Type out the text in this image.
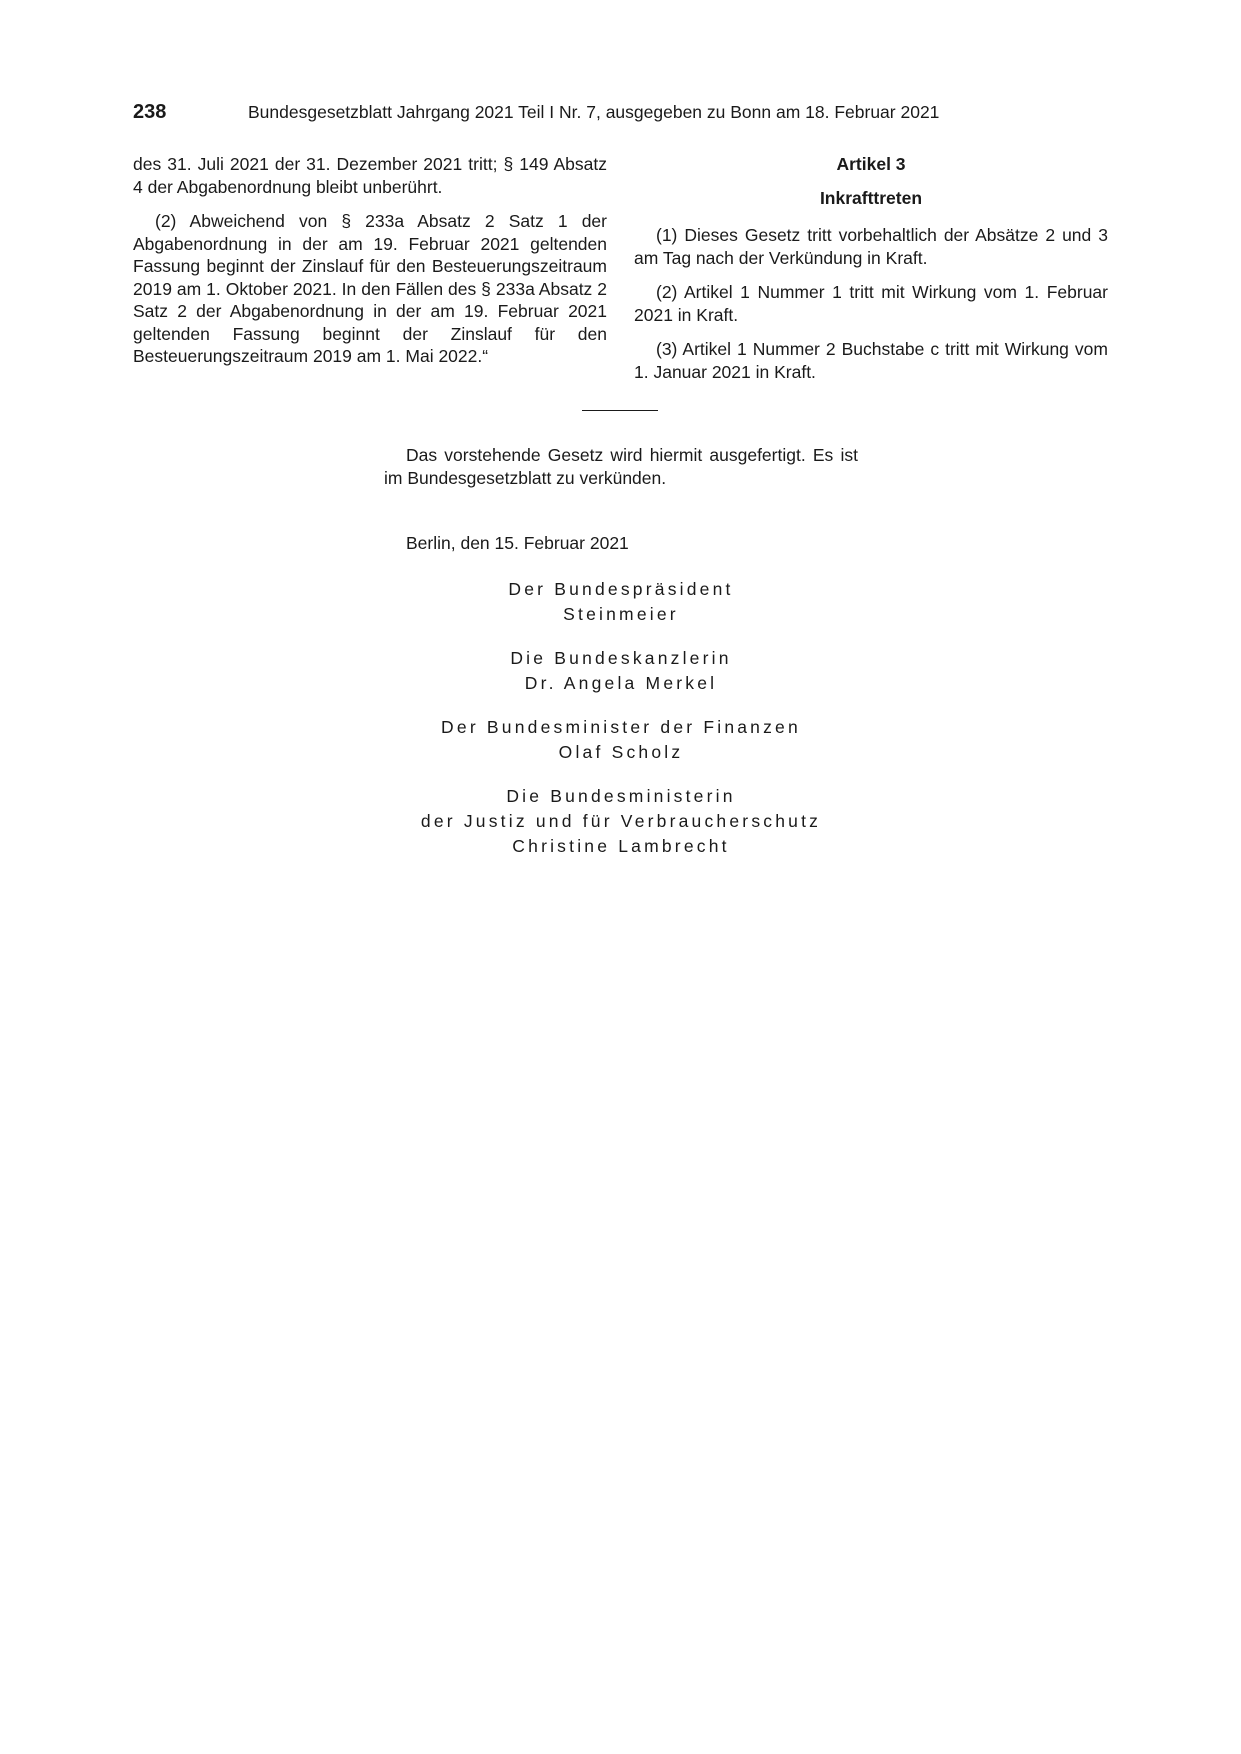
238	Bundesgesetzblatt Jahrgang 2021 Teil I Nr. 7, ausgegeben zu Bonn am 18. Februar 2021

des 31. Juli 2021 der 31. Dezember 2021 tritt; § 149 Absatz 4 der Abgabenordnung bleibt unberührt.

(2) Abweichend von § 233a Absatz 2 Satz 1 der Abgabenordnung in der am 19. Februar 2021 geltenden Fassung beginnt der Zinslauf für den Besteuerungszeitraum 2019 am 1. Oktober 2021. In den Fällen des § 233a Absatz 2 Satz 2 der Abgabenordnung in der am 19. Februar 2021 geltenden Fassung beginnt der Zinslauf für den Besteuerungszeitraum 2019 am 1. Mai 2022.“

Artikel 3

Inkrafttreten

(1) Dieses Gesetz tritt vorbehaltlich der Absätze 2 und 3 am Tag nach der Verkündung in Kraft.

(2) Artikel 1 Nummer 1 tritt mit Wirkung vom 1. Februar 2021 in Kraft.

(3) Artikel 1 Nummer 2 Buchstabe c tritt mit Wirkung vom 1. Januar 2021 in Kraft.

Das vorstehende Gesetz wird hiermit ausgefertigt. Es ist im Bundesgesetzblatt zu verkünden.

Berlin, den 15. Februar 2021

Der Bundespräsident
Steinmeier
Die Bundeskanzlerin
Dr. Angela Merkel
Der Bundesminister der Finanzen
Olaf Scholz
Die Bundesministerin
der Justiz und für Verbraucherschutz
Christine Lambrecht
